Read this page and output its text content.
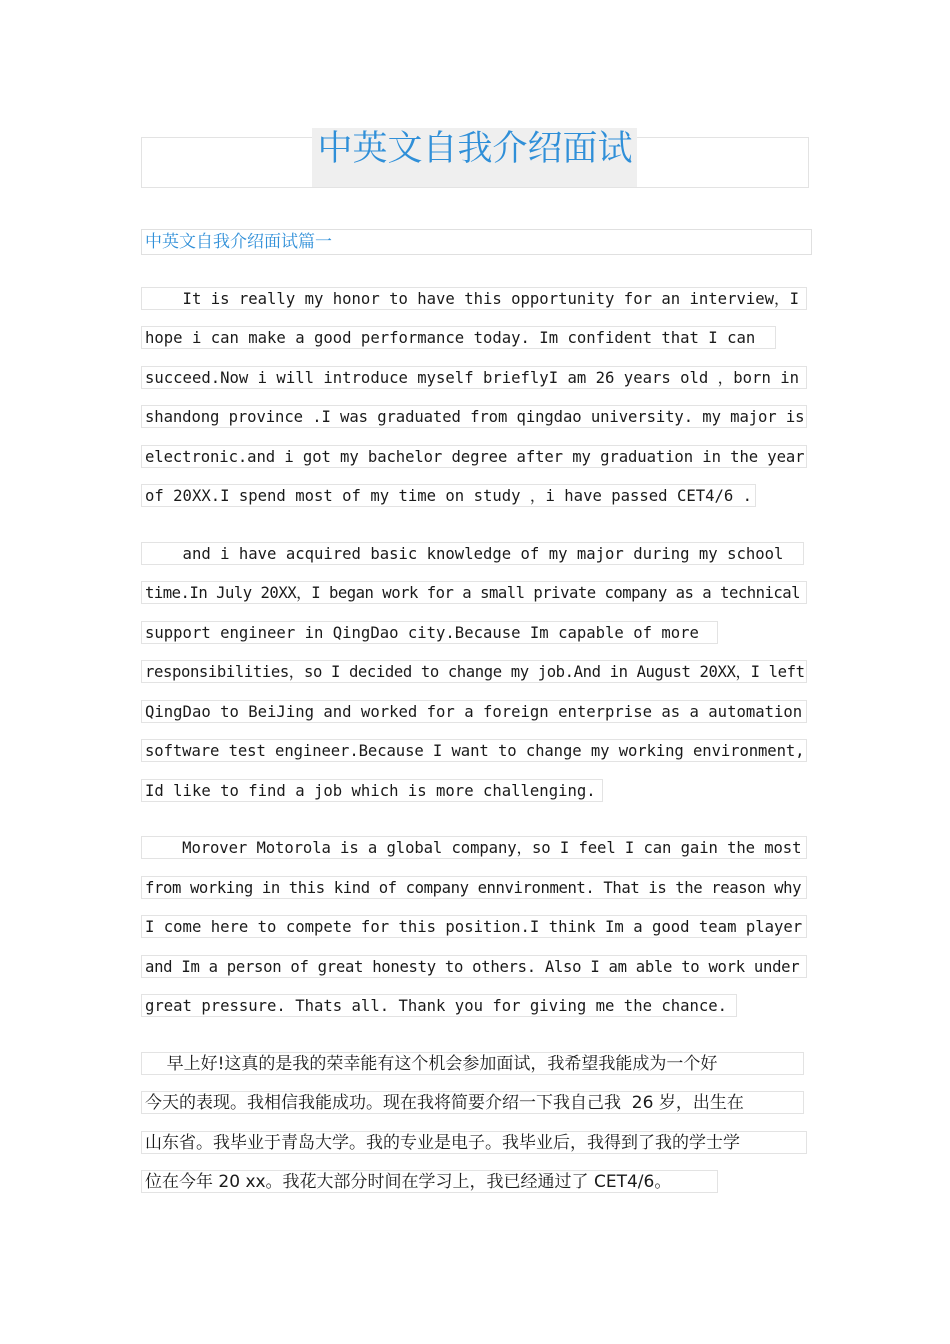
中英文自我介绍面试
中英文自我介绍面试篇一
It is really my honor to have this opportunity for an interview，I
hope i can make a good performance today. Im confident that I can
succeed.Now i will introduce myself brieflyI am 26 years old ，born in
shandong province .I was graduated from qingdao university. my major is
electronic.and i got my bachelor degree after my graduation in the year
of 20XX.I spend most of my time on study ，i have passed CET4/6 .
and i have acquired basic knowledge of my major during my school
time.In July 20XX，I began work for a small private company as a technical
support engineer in QingDao city.Because Im capable of more
responsibilities，so I decided to change my job.And in August 20XX，I left
QingDao to BeiJing and worked for a foreign enterprise as a automation
software test engineer.Because I want to change my working environment,
Id like to find a job which is more challenging.
Morover Motorola is a global company，so I feel I can gain the most
from working in this kind of company ennvironment. That is the reason why
I come here to compete for this position.I think Im a good team player
and Im a person of great honesty to others. Also I am able to work under
great pressure. Thats all. Thank you for giving me the chance.
早上好!这真的是我的荣幸能有这个机会参加面试，我希望我能成为一个好
今天的表现。我相信我能成功。现在我将简要介绍一下我自己我  26 岁，出生在
山东省。我毕业于青岛大学。我的专业是电子。我毕业后，我得到了我的学士学
位在今年 20 xx。我花大部分时间在学习上，我已经通过了 CET4/6。
